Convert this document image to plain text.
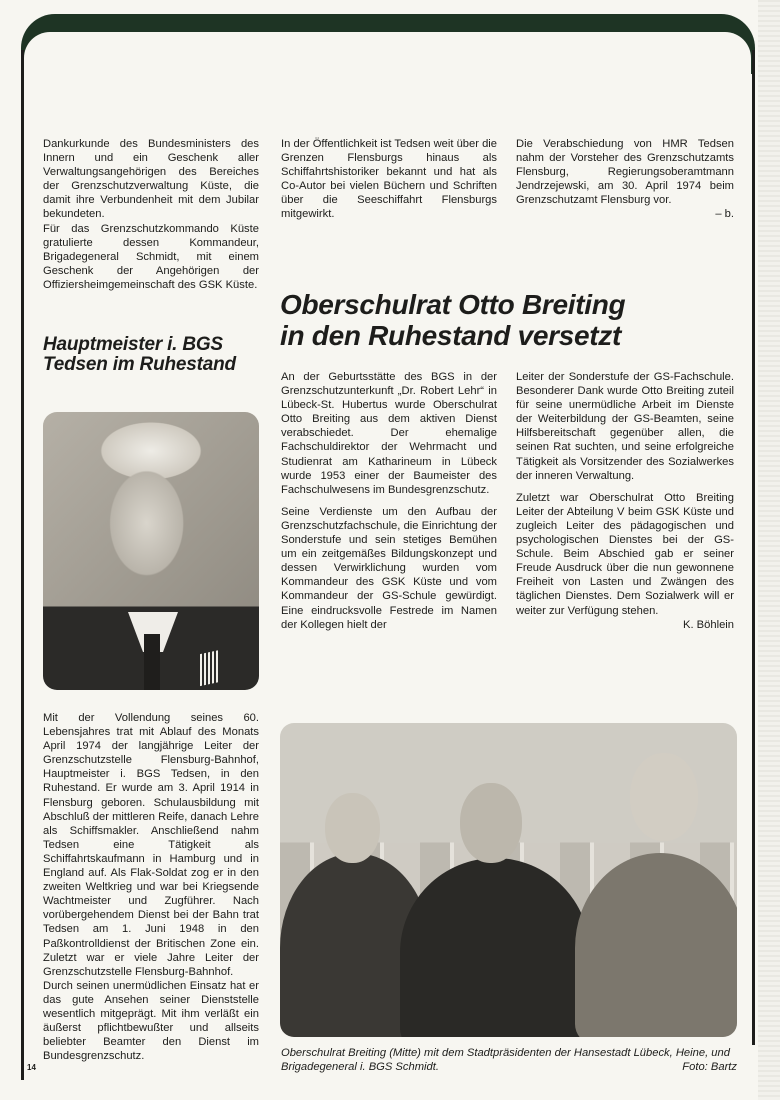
Dankurkunde des Bundesministers des Innern und ein Geschenk aller Verwaltungsangehörigen des Bereiches der Grenzschutzverwaltung Küste, die damit ihre Verbundenheit mit dem Jubilar bekundeten.

Für das Grenzschutzkommando Küste gratulierte dessen Kommandeur, Brigadegeneral Schmidt, mit einem Geschenk der Angehörigen der Offiziersheimgemeinschaft des GSK Küste.

In der Öffentlichkeit ist Tedsen weit über die Grenzen Flensburgs hinaus als Schiffahrtshistoriker bekannt und hat als Co-Autor bei vielen Büchern und Schriften über die Seeschiffahrt Flensburgs mitgewirkt.

Die Verabschiedung von HMR Tedsen nahm der Vorsteher des Grenzschutzamts Flensburg, Regierungsoberamtmann Jendrzejewski, am 30. April 1974 beim Grenzschutzamt Flensburg vor.

– b.

Oberschulrat Otto Breiting
in den Ruhestand versetzt
Hauptmeister i. BGS Tedsen im Ruhestand

An der Geburtsstätte des BGS in der Grenzschutzunterkunft „Dr. Robert Lehr“ in Lübeck-St. Hubertus wurde Oberschulrat Otto Breiting aus dem aktiven Dienst verabschiedet. Der ehemalige Fachschuldirektor der Wehrmacht und Studienrat am Katharineum in Lübeck wurde 1953 einer der Baumeister des Fachschulwesens im Bundesgrenzschutz.

Seine Verdienste um den Aufbau der Grenzschutzfachschule, die Einrichtung der Sonderstufe und sein stetiges Bemühen um ein zeitgemäßes Bildungskonzept und dessen Verwirklichung wurden vom Kommandeur des GSK Küste und vom Kommandeur der GS-Schule gewürdigt. Eine eindrucksvolle Festrede im Namen der Kollegen hielt der

Leiter der Sonderstufe der GS-Fachschule. Besonderer Dank wurde Otto Breiting zuteil für seine unermüdliche Arbeit im Dienste der Weiterbildung der GS-Beamten, seine Hilfsbereitschaft gegenüber allen, die seinen Rat suchten, und seine erfolgreiche Tätigkeit als Vorsitzender des Sozialwerkes der inneren Verwaltung.

Zuletzt war Oberschulrat Otto Breiting Leiter der Abteilung V beim GSK Küste und zugleich Leiter des pädagogischen und psychologischen Dienstes bei der GS-Schule. Beim Abschied gab er seiner Freude Ausdruck über die nun gewonnene Freiheit von Lasten und Zwängen des täglichen Dienstes. Dem Sozialwerk will er weiter zur Verfügung stehen.

K. Böhlein

Mit der Vollendung seines 60. Lebensjahres trat mit Ablauf des Monats April 1974 der langjährige Leiter der Grenzschutzstelle Flensburg-Bahnhof, Hauptmeister i. BGS Tedsen, in den Ruhestand. Er wurde am 3. April 1914 in Flensburg geboren. Schulausbildung mit Abschluß der mittleren Reife, danach Lehre als Schiffsmakler. Anschließend nahm Tedsen eine Tätigkeit als Schiffahrtskaufmann in Hamburg und in England auf. Als Flak-Soldat zog er in den zweiten Weltkrieg und war bei Kriegsende Wachtmeister und Zugführer. Nach vorübergehendem Dienst bei der Bahn trat Tedsen am 1. Juni 1948 in den Paßkontrolldienst der Britischen Zone ein. Zuletzt war er viele Jahre Leiter der Grenzschutzstelle Flensburg-Bahnhof.

Durch seinen unermüdlichen Einsatz hat er das gute Ansehen seiner Dienststelle wesentlich mitgeprägt. Mit ihm verläßt ein äußerst pflichtbewußter und allseits beliebter Beamter den Dienst im Bundesgrenzschutz.	Oberschulrat Breiting (Mitte) mit dem Stadtpräsidenten der Hansestadt Lübeck, Heine, und Brigadegeneral i. BGS Schmidt.	Foto: Bartz
14
